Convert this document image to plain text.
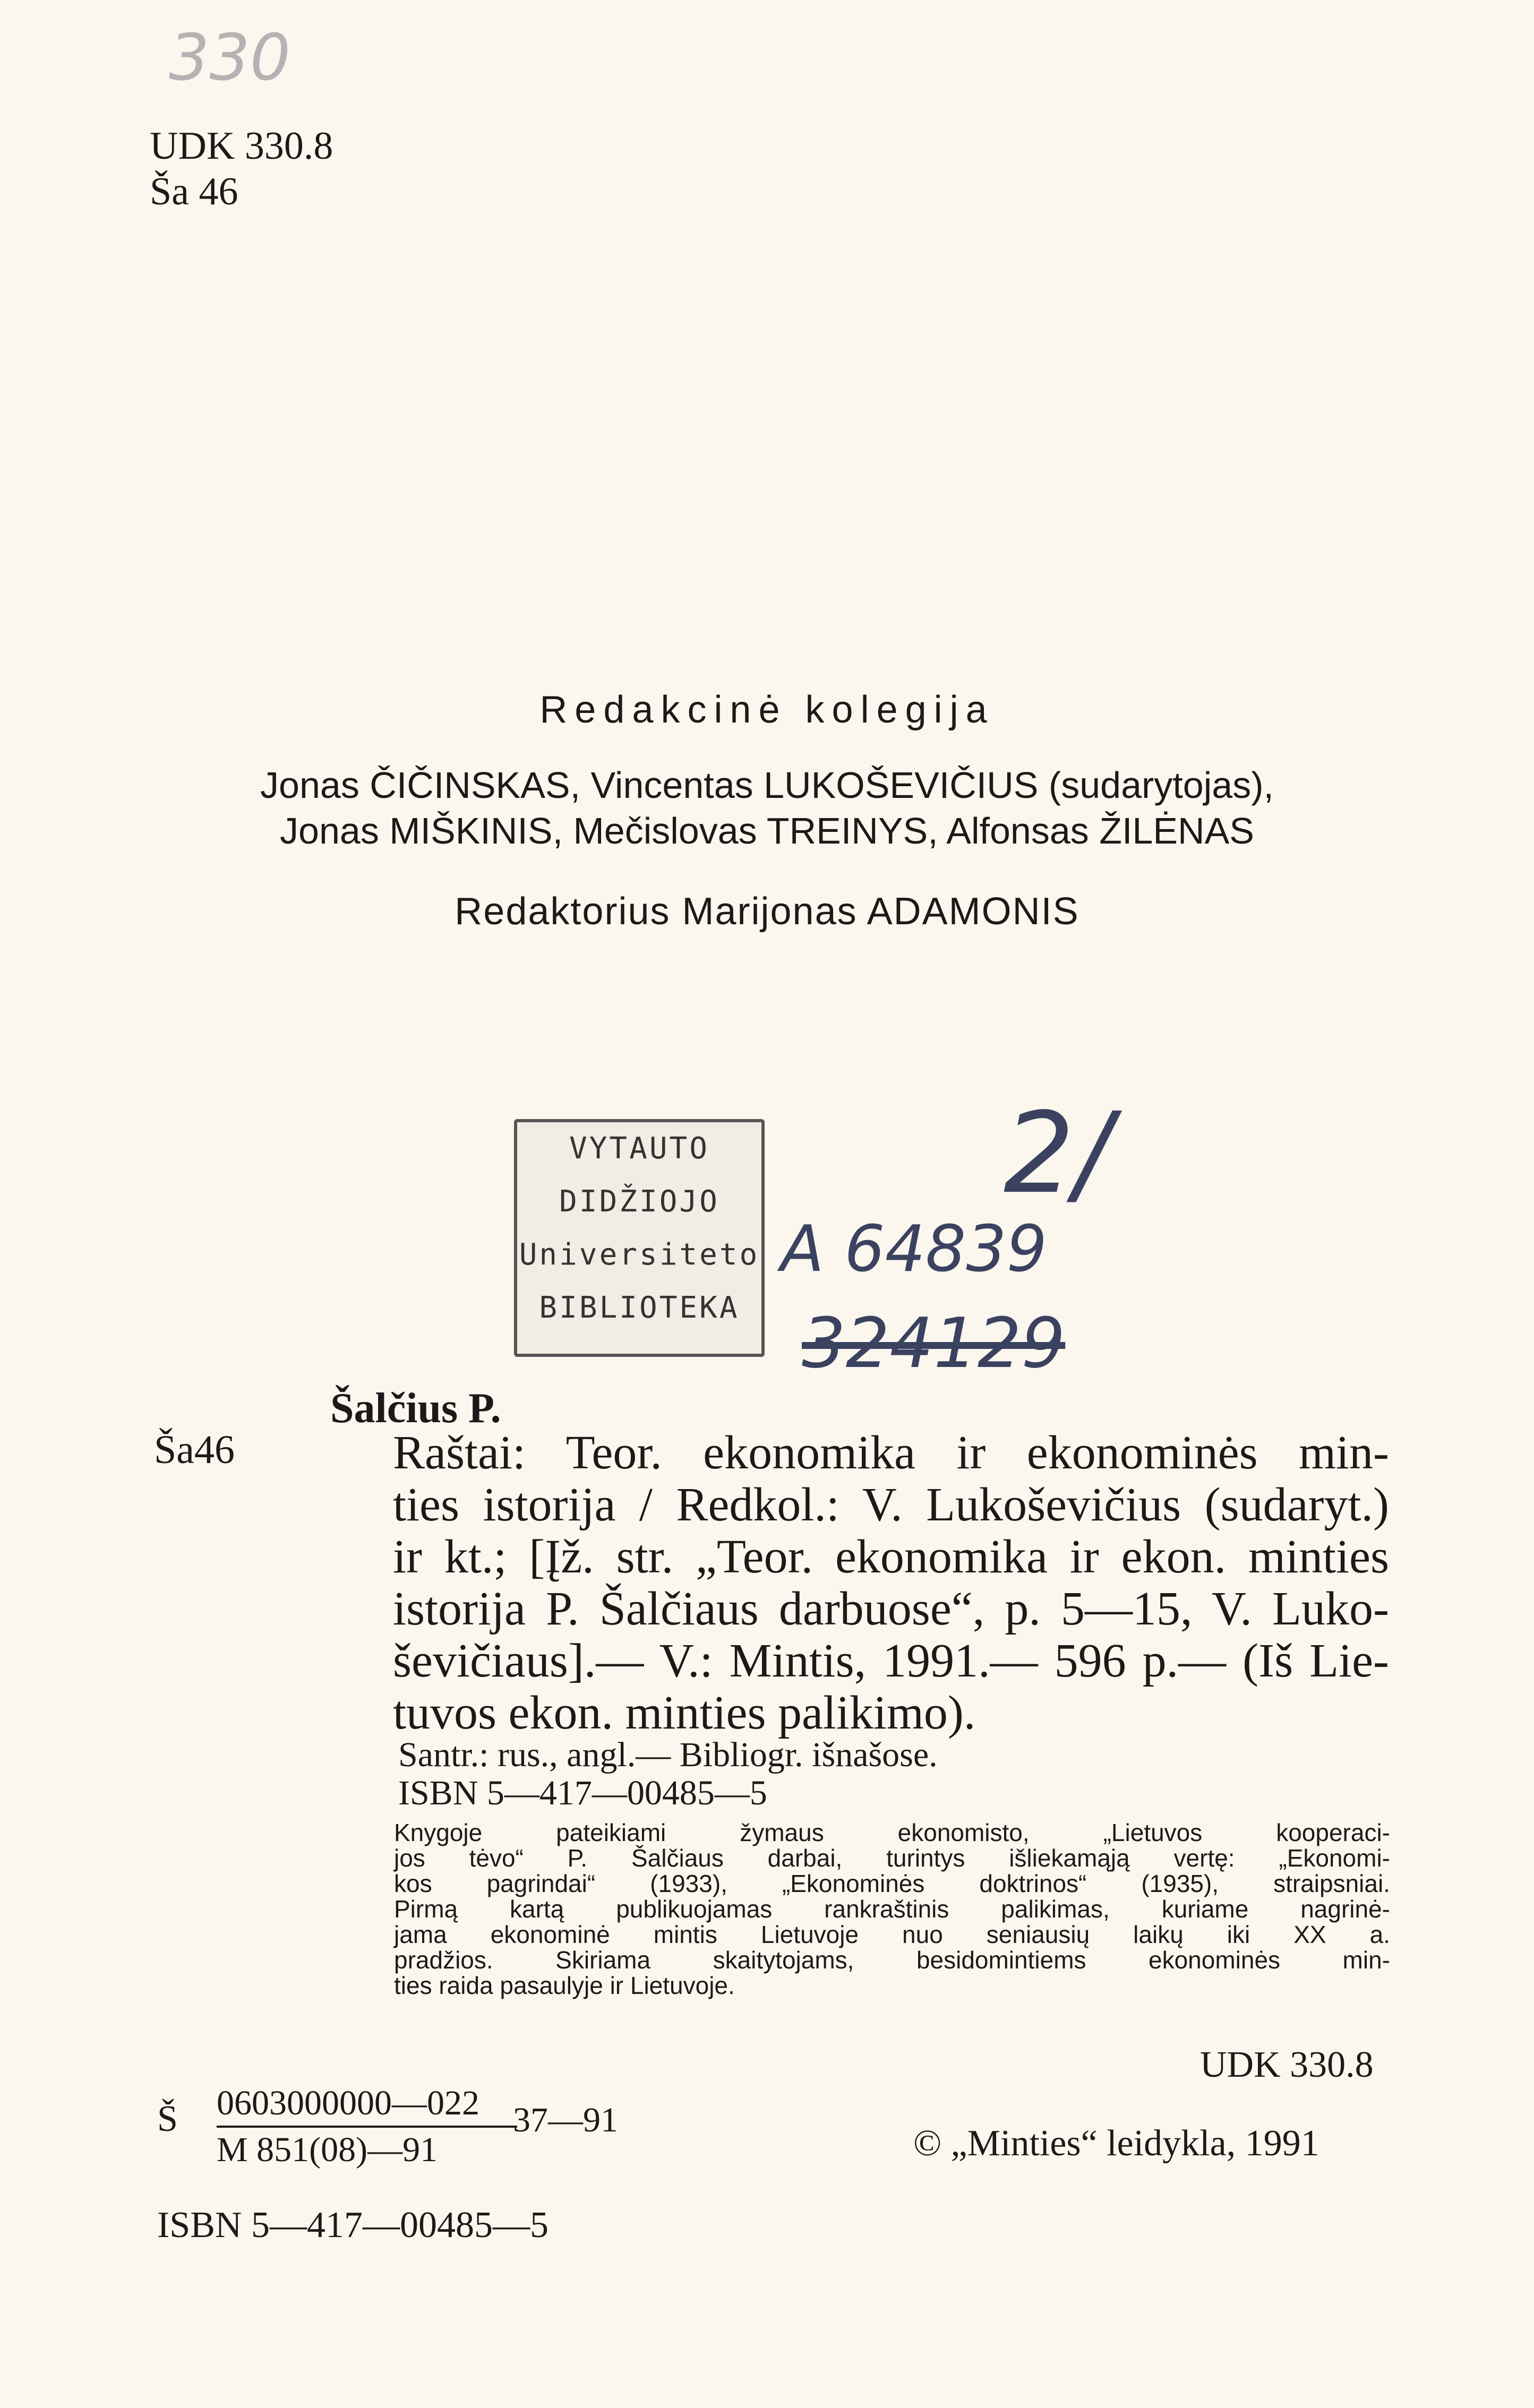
330
UDK 330.8
Ša 46
Redakcinė kolegija
Jonas ČIČINSKAS, Vincentas LUKOŠEVIČIUS (sudarytojas),
Jonas MIŠKINIS, Mečislovas TREINYS, Alfonsas ŽILĖNAS
Redaktorius Marijonas ADAMONIS
VYTAUTO
DIDŽIOJO
Universiteto
BIBLIOTEKA
A 64839
324129
2/
Šalčius P.
Ša46	Raštai: Teor. ekonomika ir ekonominės min-
ties istorija / Redkol.: V. Lukoševičius (sudaryt.)
ir kt.; [Įž. str. „Teor. ekonomika ir ekon. minties
istorija P. Šalčiaus darbuose“, p. 5—15, V. Luko-
ševičiaus].— V.: Mintis, 1991.— 596 p.— (Iš Lie-
tuvos ekon. minties palikimo).
Santr.: rus., angl.— Bibliogr. išnašose.
ISBN 5—417—00485—5
Knygoje pateikiami žymaus ekonomisto, „Lietuvos kooperaci-
jos tėvo“ P. Šalčiaus darbai, turintys išliekamąją vertę: „Ekonomi-
kos pagrindai“ (1933), „Ekonominės doktrinos“ (1935), straipsniai.
Pirmą kartą publikuojamas rankraštinis palikimas, kuriame nagrinė-
jama ekonominė mintis Lietuvoje nuo seniausių laikų iki XX a.
pradžios. Skiriama skaitytojams, besidomintiems ekonominės min-
ties raida pasaulyje ir Lietuvoje.
UDK 330.8
Š 0603000000—022
M 851(08)—91
37—91
© „Minties“ leidykla, 1991
ISBN 5—417—00485—5
